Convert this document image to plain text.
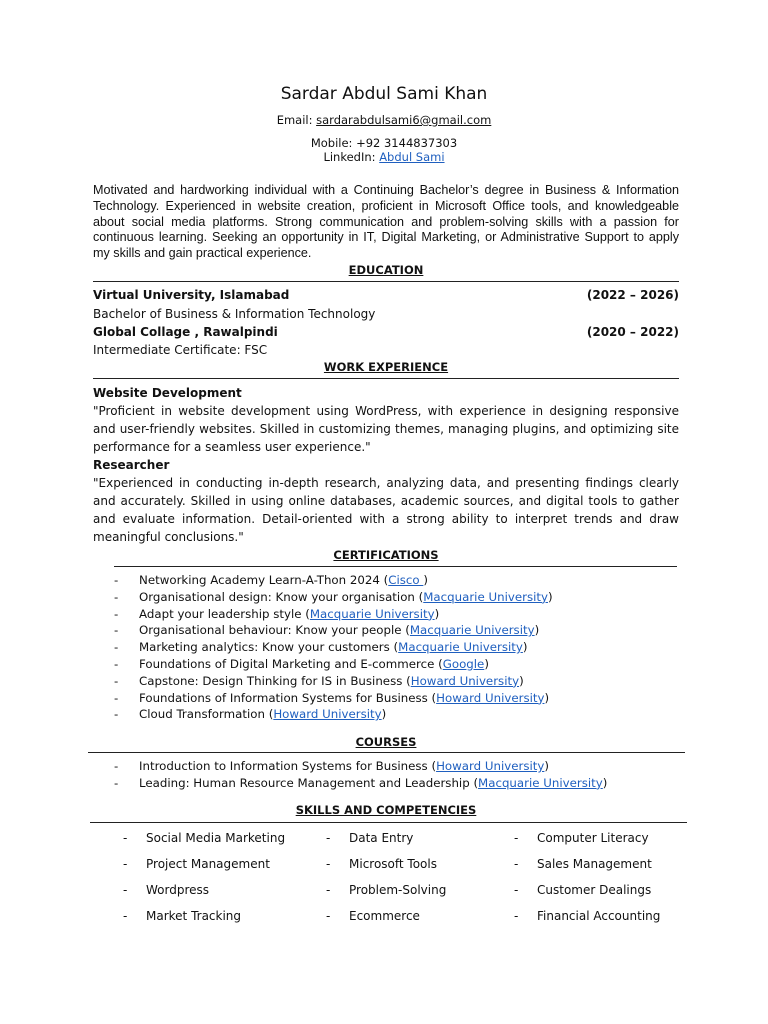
Sardar Abdul Sami Khan
Email: sardarabdulsami6@gmail.com
Mobile: +92 3144837303
LinkedIn: Abdul Sami
Motivated and hardworking individual with a Continuing Bachelor’s degree in Business & Information Technology. Experienced in website creation, proficient in Microsoft Office tools, and knowledgeable about social media platforms. Strong communication and problem-solving skills with a passion for continuous learning. Seeking an opportunity in IT, Digital Marketing, or Administrative Support to apply my skills and gain practical experience.
EDUCATION
Virtual University, Islamabad	(2022 – 2026)
Bachelor of Business & Information Technology
Global Collage , Rawalpindi	(2020 – 2022)
Intermediate Certificate: FSC
WORK EXPERIENCE
Website Development
"Proficient in website development using WordPress, with experience in designing responsive and user-friendly websites. Skilled in customizing themes, managing plugins, and optimizing site performance for a seamless user experience."
Researcher
"Experienced in conducting in-depth research, analyzing data, and presenting findings clearly and accurately. Skilled in using online databases, academic sources, and digital tools to gather and evaluate information. Detail-oriented with a strong ability to interpret trends and draw meaningful conclusions."
CERTIFICATIONS
- Networking Academy Learn-A-Thon 2024 (Cisco )
- Organisational design: Know your organisation (Macquarie University)
- Adapt your leadership style (Macquarie University)
- Organisational behaviour: Know your people (Macquarie University)
- Marketing analytics: Know your customers (Macquarie University)
- Foundations of Digital Marketing and E-commerce (Google)
- Capstone: Design Thinking for IS in Business (Howard University)
- Foundations of Information Systems for Business (Howard University)
- Cloud Transformation (Howard University)
COURSES
- Introduction to Information Systems for Business (Howard University)
- Leading: Human Resource Management and Leadership (Macquarie University)
SKILLS AND COMPETENCIES
- Social Media Marketing
- Project Management
- Wordpress
- Market Tracking
- Data Entry
- Microsoft Tools
- Problem-Solving
- Ecommerce
- Computer Literacy
- Sales Management
- Customer Dealings
- Financial Accounting
